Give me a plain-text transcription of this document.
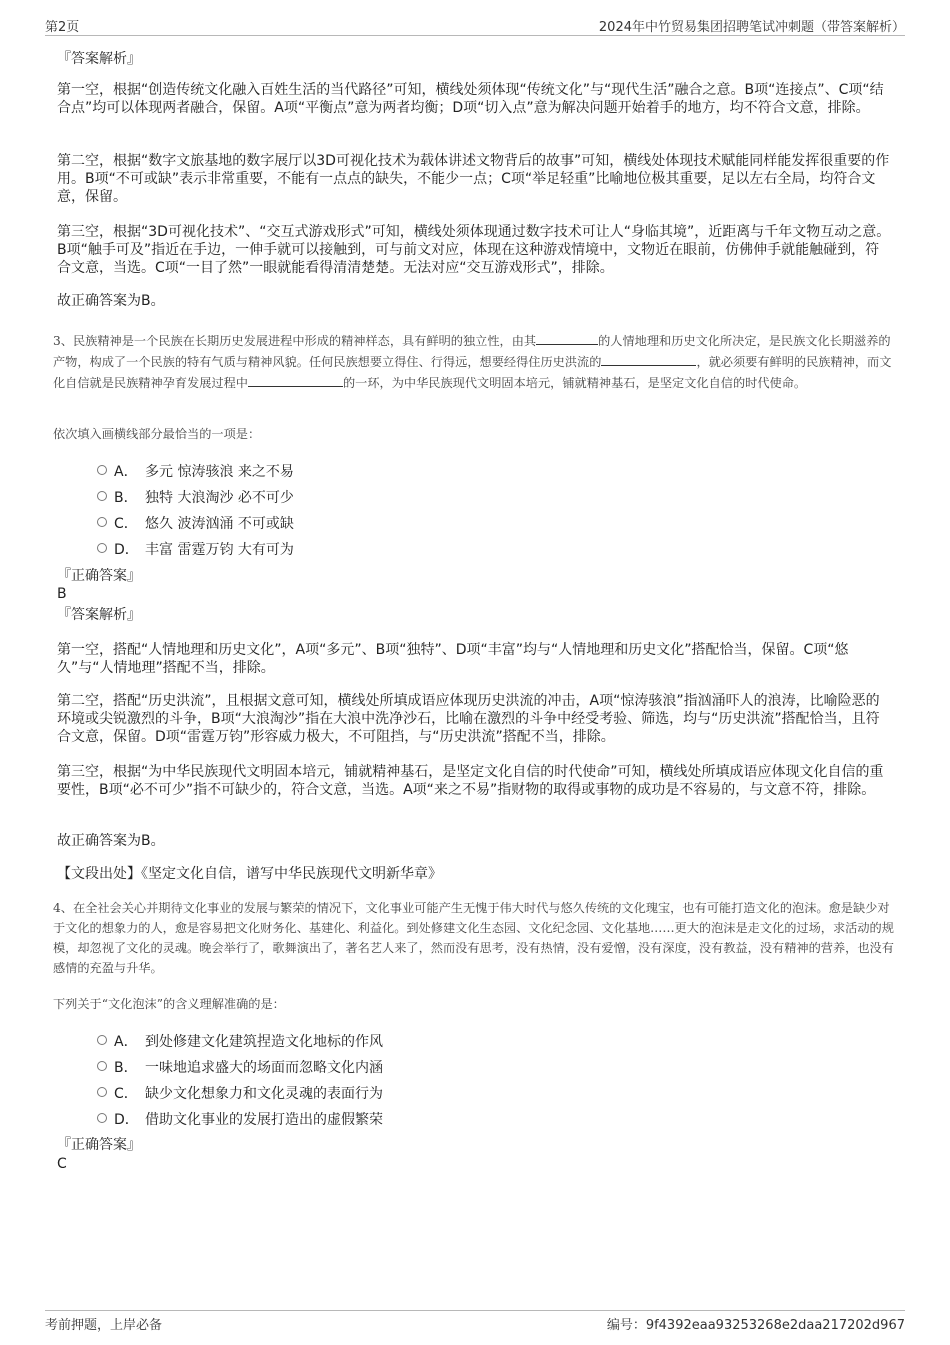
第2页	2024年中竹贸易集团招聘笔试冲刺题（带答案解析）
『答案解析』

第一空，根据“创造传统文化融入百姓生活的当代路径”可知，横线处须体现“传统文化”与“现代生活”融合之意。B项“连接点”、C项“结合点”均可以体现两者融合，保留。A项“平衡点”意为两者均衡；D项“切入点”意为解决问题开始着手的地方，均不符合文意，排除。

第二空，根据“数字文旅基地的数字展厅以3D可视化技术为载体讲述文物背后的故事”可知，横线处体现技术赋能同样能发挥很重要的作用。B项“不可或缺”表示非常重要，不能有一点点的缺失，不能少一点；C项“举足轻重”比喻地位极其重要，足以左右全局，均符合文意，保留。

第三空，根据“3D可视化技术”、“交互式游戏形式”可知，横线处须体现通过数字技术可让人“身临其境”，近距离与千年文物互动之意。B项“触手可及”指近在手边，一伸手就可以接触到，可与前文对应，体现在这种游戏情境中，文物近在眼前，仿佛伸手就能触碰到，符合文意，当选。C项“一目了然”一眼就能看得清清楚楚。无法对应“交互游戏形式”，排除。

故正确答案为B。

3、民族精神是一个民族在长期历史发展进程中形成的精神样态，具有鲜明的独立性，由其	的人情地理和历史文化所决定，是民族文化长期滋养的产物，构成了一个民族的特有气质与精神风貌。任何民族想要立得住、行得远，想要经得住历史洪流的	，就必须要有鲜明的民族精神，而文化自信就是民族精神孕育发展过程中	的一环，为中华民族现代文明固本培元，铺就精神基石，是坚定文化自信的时代使命。
依次填入画横线部分最恰当的一项是：
A． 多元 惊涛骇浪 来之不易
B． 独特 大浪淘沙 必不可少
C． 悠久 波涛汹涌 不可或缺
D． 丰富 雷霆万钧 大有可为
『正确答案』
B
『答案解析』

第一空，搭配“人情地理和历史文化”，A项“多元”、B项“独特”、D项“丰富”均与“人情地理和历史文化”搭配恰当，保留。C项“悠久”与“人情地理”搭配不当，排除。

第二空，搭配“历史洪流”，且根据文意可知，横线处所填成语应体现历史洪流的冲击，A项“惊涛骇浪”指汹涌吓人的浪涛，比喻险恶的环境或尖锐激烈的斗争，B项“大浪淘沙”指在大浪中洗净沙石，比喻在激烈的斗争中经受考验、筛选，均与“历史洪流”搭配恰当，且符合文意，保留。D项“雷霆万钧”形容威力极大，不可阻挡，与“历史洪流”搭配不当，排除。

第三空，根据“为中华民族现代文明固本培元，铺就精神基石，是坚定文化自信的时代使命”可知，横线处所填成语应体现文化自信的重要性，B项“必不可少”指不可缺少的，符合文意，当选。A项“来之不易”指财物的取得或事物的成功是不容易的，与文意不符，排除。

故正确答案为B。

【文段出处】《坚定文化自信，谱写中华民族现代文明新华章》

4、在全社会关心并期待文化事业的发展与繁荣的情况下，文化事业可能产生无愧于伟大时代与悠久传统的文化瑰宝，也有可能打造文化的泡沫。愈是缺少对于文化的想象力的人，愈是容易把文化财务化、基建化、利益化。到处修建文化生态园、文化纪念园、文化基地……更大的泡沫是走文化的过场，求活动的规模，却忽视了文化的灵魂。晚会举行了，歌舞演出了，著名艺人来了，然而没有思考，没有热情，没有爱憎，没有深度，没有教益，没有精神的营养，也没有感情的充盈与升华。
下列关于“文化泡沫”的含义理解准确的是：
A． 到处修建文化建筑捏造文化地标的作风
B． 一味地追求盛大的场面而忽略文化内涵
C． 缺少文化想象力和文化灵魂的表面行为
D． 借助文化事业的发展打造出的虚假繁荣
『正确答案』
C
考前押题，上岸必备	编号：9f4392eaa93253268e2daa217202d967
